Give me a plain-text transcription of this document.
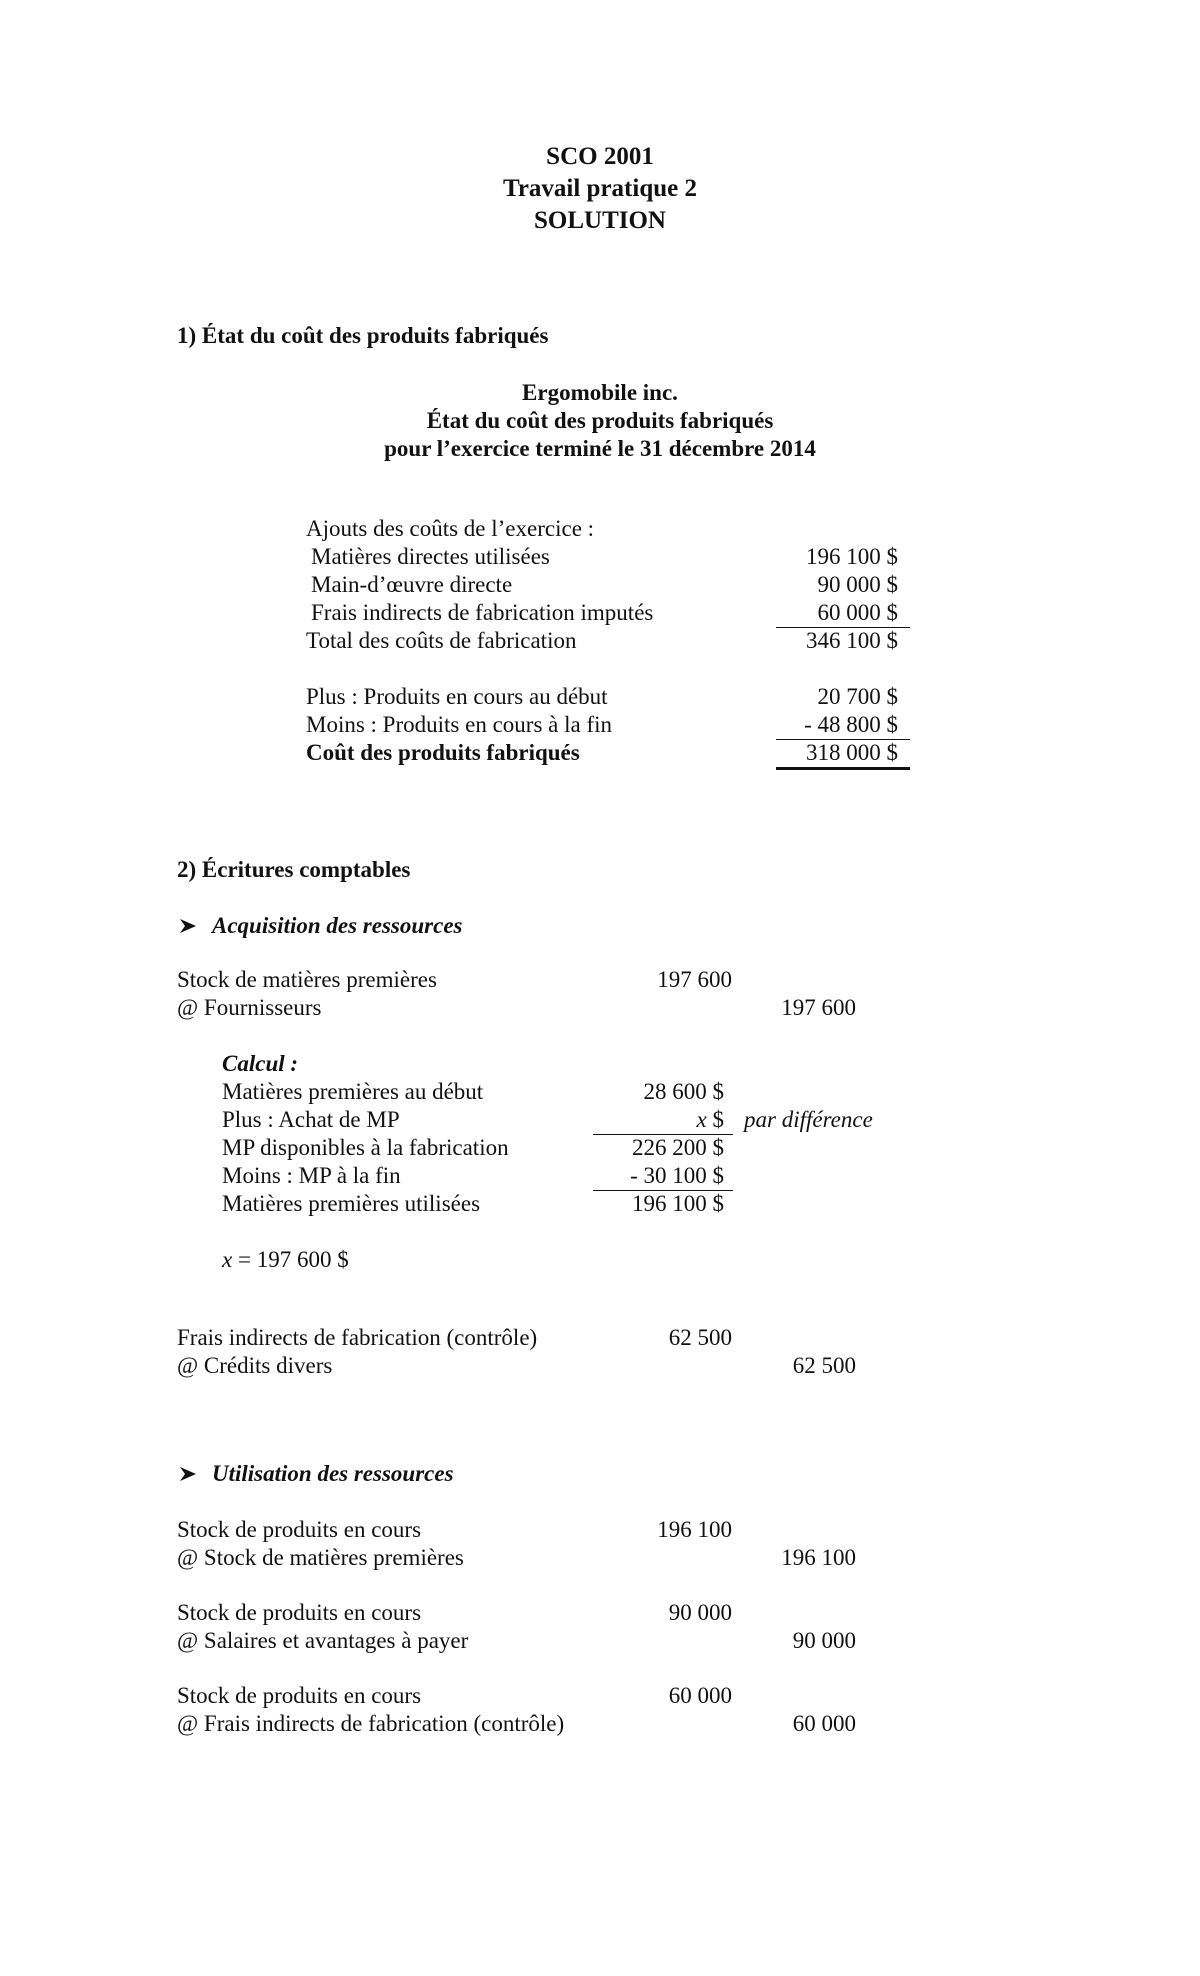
SCO 2001
Travail pratique 2
SOLUTION
1) État du coût des produits fabriqués
Ergomobile inc.
État du coût des produits fabriqués
pour l’exercice terminé le 31 décembre 2014
Ajouts des coûts de l’exercice :
Matières directes utilisées	196 100 $
Main-d’œuvre directe	90 000 $
Frais indirects de fabrication imputés	60 000 $
Total des coûts de fabrication	346 100 $
Plus : Produits en cours au début	20 700 $
Moins : Produits en cours à la fin	- 48 800 $
Coût des produits fabriqués	318 000 $
2) Écritures comptables
Acquisition des ressources
Stock de matières premières	197 600
@ Fournisseurs	197 600
Calcul :
Matières premières au début	28 600 $
Plus : Achat de MP	x $ par différence
MP disponibles à la fabrication	226 200 $
Moins : MP à la fin	- 30 100 $
Matières premières utilisées	196 100 $
x = 197 600 $
Frais indirects de fabrication (contrôle)	62 500
@ Crédits divers	62 500
Utilisation des ressources
Stock de produits en cours	196 100
@ Stock de matières premières	196 100
Stock de produits en cours	90 000
@ Salaires et avantages à payer	90 000
Stock de produits en cours	60 000
@ Frais indirects de fabrication (contrôle)	60 000
